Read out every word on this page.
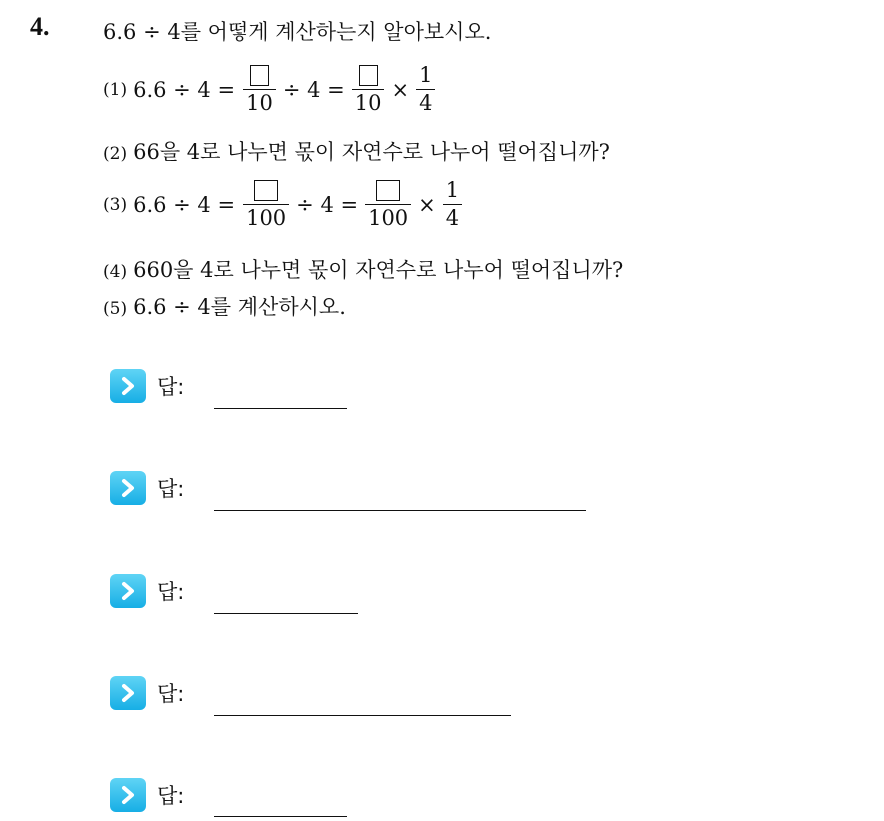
4.	6.6 ÷ 4를 어떻게 계산하는지 알아보시오.
(1) 6.6 ÷ 4 =
10
÷ 4 =
10
× $\frac{1}{4}$
(2) 66을 4로 나누면 몫이 자연수로 나누어 떨어집니까?
(3) 6.6 ÷ 4 =
100
÷ 4 =
100
× $\frac{1}{4}$
(4) 660을 4로 나누면 몫이 자연수로 나누어 떨어집니까?
(5) 6.6 ÷ 4를 계산하시오.
답:
답:
답:
답:
답:
